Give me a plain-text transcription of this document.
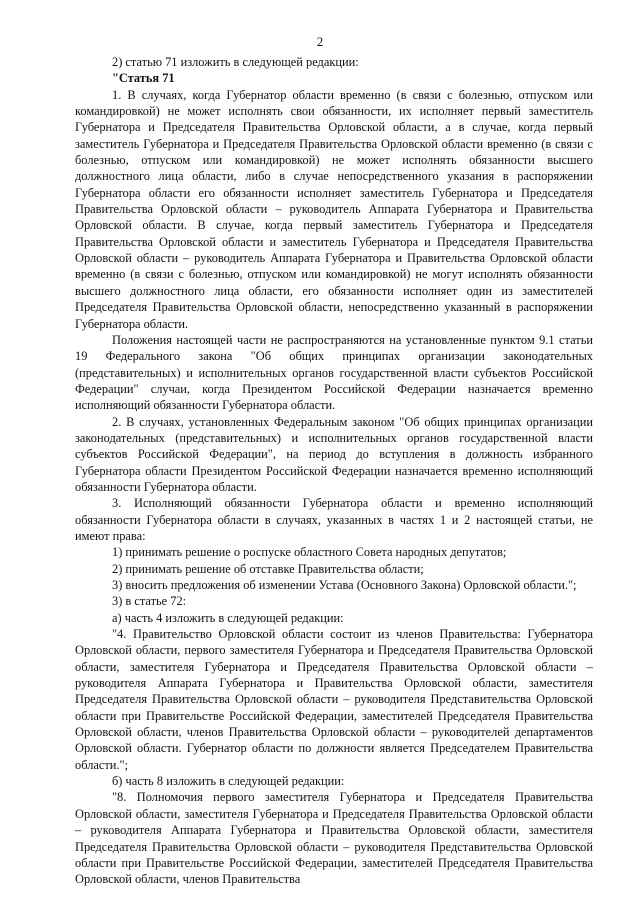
2

2) статью 71 изложить в следующей редакции:

"Статья 71

1. В случаях, когда Губернатор области временно (в связи с болезнью, отпуском или командировкой) не может исполнять свои обязанности, их исполняет первый заместитель Губернатора и Председателя Правительства Орловской области, а в случае, когда первый заместитель Губернатора и Председателя Правительства Орловской области временно (в связи с болезнью, отпуском или командировкой) не может исполнять обязанности высшего должностного лица области, либо в случае непосредственного указания в распоряжении Губернатора области его обязанности исполняет заместитель Губернатора и Председателя Правительства Орловской области – руководитель Аппарата Губернатора и Правительства Орловской области. В случае, когда первый заместитель Губернатора и Председателя Правительства Орловской области и заместитель Губернатора и Председателя Правительства Орловской области – руководитель Аппарата Губернатора и Правительства Орловской области временно (в связи с болезнью, отпуском или командировкой) не могут исполнять обязанности высшего должностного лица области, его обязанности исполняет один из заместителей Председателя Правительства Орловской области, непосредственно указанный в распоряжении Губернатора области.

Положения настоящей части не распространяются на установленные пунктом 9.1 статьи 19 Федерального закона "Об общих принципах организации законодательных (представительных) и исполнительных органов государственной власти субъектов Российской Федерации" случаи, когда Президентом Российской Федерации назначается временно исполняющий обязанности Губернатора области.

2. В случаях, установленных Федеральным законом "Об общих принципах организации законодательных (представительных) и исполнительных органов государственной власти субъектов Российской Федерации", на период до вступления в должность избранного Губернатора области Президентом Российской Федерации назначается временно исполняющий обязанности Губернатора области.

3. Исполняющий обязанности Губернатора области и временно исполняющий обязанности Губернатора области в случаях, указанных в частях 1 и 2 настоящей статьи, не имеют права:

1) принимать решение о роспуске областного Совета народных депутатов;

2) принимать решение об отставке Правительства области;

3) вносить предложения об изменении Устава (Основного Закона) Орловской области.";

3) в статье 72:

а) часть 4 изложить в следующей редакции:

"4. Правительство Орловской области состоит из членов Правительства: Губернатора Орловской области, первого заместителя Губернатора и Председателя Правительства Орловской области, заместителя Губернатора и Председателя Правительства Орловской области – руководителя Аппарата Губернатора и Правительства Орловской области, заместителя Председателя Правительства Орловской области – руководителя Представительства Орловской области при Правительстве Российской Федерации, заместителей Председателя Правительства Орловской области, членов Правительства Орловской области – руководителей департаментов Орловской области. Губернатор области по должности является Председателем Правительства области.";

б) часть 8 изложить в следующей редакции:

"8. Полномочия первого заместителя Губернатора и Председателя Правительства Орловской области, заместителя Губернатора и Председателя Правительства Орловской области – руководителя Аппарата Губернатора и Правительства Орловской области, заместителя Председателя Правительства Орловской области – руководителя Представительства Орловской области при Правительстве Российской Федерации, заместителей Председателя Правительства Орловской области, членов Правительства
